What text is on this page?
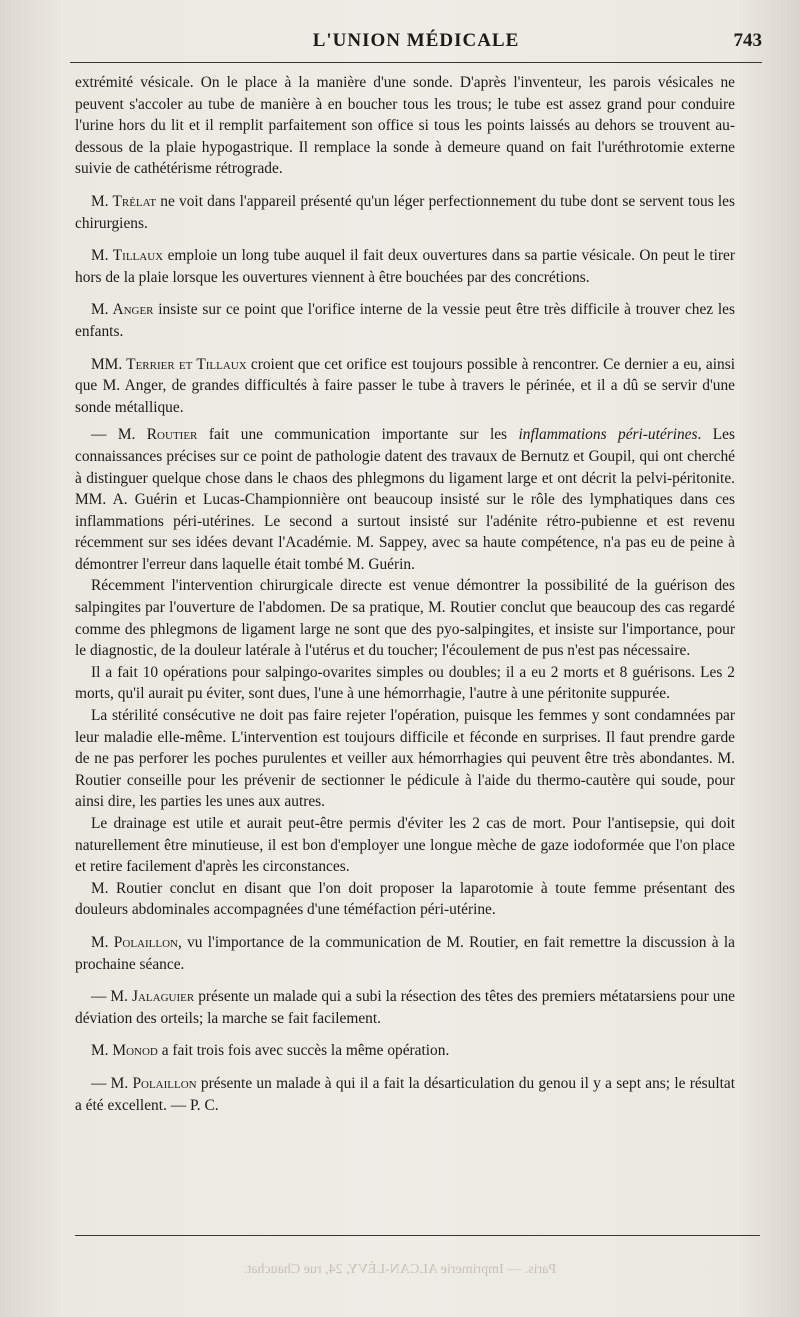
L'UNION MÉDICALE	743

extrémité vésicale. On le place à la manière d'une sonde. D'après l'inventeur, les parois vésicales ne peuvent s'accoler au tube de manière à en boucher tous les trous; le tube est assez grand pour conduire l'urine hors du lit et il remplit parfaitement son office si tous les points laissés au dehors se trouvent au-dessous de la plaie hypogastrique. Il remplace la sonde à demeure quand on fait l'uréthrotomie externe suivie de cathétérisme rétrograde.

M. Trélat ne voit dans l'appareil présenté qu'un léger perfectionnement du tube dont se servent tous les chirurgiens.

M. Tillaux emploie un long tube auquel il fait deux ouvertures dans sa partie vésicale. On peut le tirer hors de la plaie lorsque les ouvertures viennent à être bouchées par des concrétions.

M. Anger insiste sur ce point que l'orifice interne de la vessie peut être très difficile à trouver chez les enfants.

MM. Terrier et Tillaux croient que cet orifice est toujours possible à rencontrer. Ce dernier a eu, ainsi que M. Anger, de grandes difficultés à faire passer le tube à travers le périnée, et il a dû se servir d'une sonde métallique.

— M. Routier fait une communication importante sur les inflammations péri-utérines. Les connaissances précises sur ce point de pathologie datent des travaux de Bernutz et Goupil, qui ont cherché à distinguer quelque chose dans le chaos des phlegmons du ligament large et ont décrit la pelvi-péritonite. MM. A. Guérin et Lucas-Championnière ont beaucoup insisté sur le rôle des lymphatiques dans ces inflammations péri-utérines. Le second a surtout insisté sur l'adénite rétro-pubienne et est revenu récemment sur ses idées devant l'Académie. M. Sappey, avec sa haute compétence, n'a pas eu de peine à démontrer l'erreur dans laquelle était tombé M. Guérin.

Récemment l'intervention chirurgicale directe est venue démontrer la possibilité de la guérison des salpingites par l'ouverture de l'abdomen. De sa pratique, M. Routier conclut que beaucoup des cas regardé comme des phlegmons de ligament large ne sont que des pyo-salpingites, et insiste sur l'importance, pour le diagnostic, de la douleur latérale à l'utérus et du toucher; l'écoulement de pus n'est pas nécessaire.

Il a fait 10 opérations pour salpingo-ovarites simples ou doubles; il a eu 2 morts et 8 guérisons. Les 2 morts, qu'il aurait pu éviter, sont dues, l'une à une hémorrhagie, l'autre à une péritonite suppurée.

La stérilité consécutive ne doit pas faire rejeter l'opération, puisque les femmes y sont condamnées par leur maladie elle-même. L'intervention est toujours difficile et féconde en surprises. Il faut prendre garde de ne pas perforer les poches purulentes et veiller aux hémorrhagies qui peuvent être très abondantes. M. Routier conseille pour les prévenir de sectionner le pédicule à l'aide du thermo-cautère qui soude, pour ainsi dire, les parties les unes aux autres.

Le drainage est utile et aurait peut-être permis d'éviter les 2 cas de mort. Pour l'antisepsie, qui doit naturellement être minutieuse, il est bon d'employer une longue mèche de gaze iodoformée que l'on place et retire facilement d'après les circonstances.

M. Routier conclut en disant que l'on doit proposer la laparotomie à toute femme présentant des douleurs abdominales accompagnées d'une téméfaction péri-utérine.

M. Polaillon, vu l'importance de la communication de M. Routier, en fait remettre la discussion à la prochaine séance.

— M. Jalaguier présente un malade qui a subi la résection des têtes des premiers métatarsiens pour une déviation des orteils; la marche se fait facilement.

M. Monod a fait trois fois avec succès la même opération.

— M. Polaillon présente un malade à qui il a fait la désarticulation du genou il y a sept ans; le résultat a été excellent. — P. C.

Paris. — Imprimerie ALCAN-LÉVY, 24, rue Chauchat.
